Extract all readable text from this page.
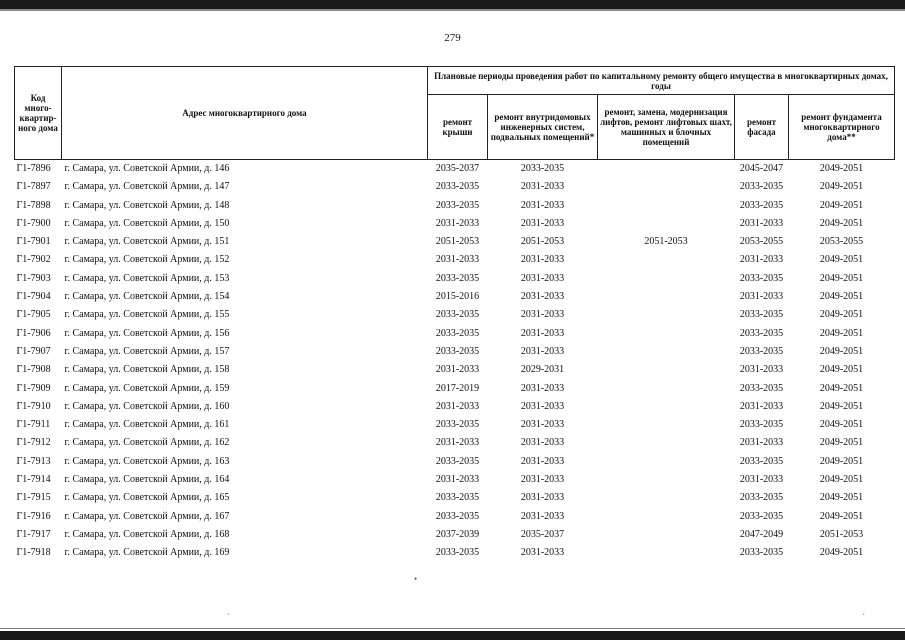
279
Код много-квартир-ного дома	Адрес многоквартирного дома	Плановые периоды проведения работ по капитальному ремонту общего имущества в многоквартирных домах, годы				
		ремонт крыши	ремонт внутридомовых инженерных систем, подвальных помещений*	ремонт, замена, модернизация лифтов, ремонт лифтовых шахт, машинных и блочных помещений	ремонт фасада	ремонт фундамента многоквартирного дома**
Г1-7896	г. Самара, ул. Советской Армии, д. 146	2035-2037	2033-2035		2045-2047	2049-2051
Г1-7897	г. Самара, ул. Советской Армии, д. 147	2033-2035	2031-2033		2033-2035	2049-2051
Г1-7898	г. Самара, ул. Советской Армии, д. 148	2033-2035	2031-2033		2033-2035	2049-2051
Г1-7900	г. Самара, ул. Советской Армии, д. 150	2031-2033	2031-2033		2031-2033	2049-2051
Г1-7901	г. Самара, ул. Советской Армии, д. 151	2051-2053	2051-2053	2051-2053	2053-2055	2053-2055
Г1-7902	г. Самара, ул. Советской Армии, д. 152	2031-2033	2031-2033		2031-2033	2049-2051
Г1-7903	г. Самара, ул. Советской Армии, д. 153	2033-2035	2031-2033		2033-2035	2049-2051
Г1-7904	г. Самара, ул. Советской Армии, д. 154	2015-2016	2031-2033		2031-2033	2049-2051
Г1-7905	г. Самара, ул. Советской Армии, д. 155	2033-2035	2031-2033		2033-2035	2049-2051
Г1-7906	г. Самара, ул. Советской Армии, д. 156	2033-2035	2031-2033		2033-2035	2049-2051
Г1-7907	г. Самара, ул. Советской Армии, д. 157	2033-2035	2031-2033		2033-2035	2049-2051
Г1-7908	г. Самара, ул. Советской Армии, д. 158	2031-2033	2029-2031		2031-2033	2049-2051
Г1-7909	г. Самара, ул. Советской Армии, д. 159	2017-2019	2031-2033		2033-2035	2049-2051
Г1-7910	г. Самара, ул. Советской Армии, д. 160	2031-2033	2031-2033		2031-2033	2049-2051
Г1-7911	г. Самара, ул. Советской Армии, д. 161	2033-2035	2031-2033		2033-2035	2049-2051
Г1-7912	г. Самара, ул. Советской Армии, д. 162	2031-2033	2031-2033		2031-2033	2049-2051
Г1-7913	г. Самара, ул. Советской Армии, д. 163	2033-2035	2031-2033		2033-2035	2049-2051
Г1-7914	г. Самара, ул. Советской Армии, д. 164	2031-2033	2031-2033		2031-2033	2049-2051
Г1-7915	г. Самара, ул. Советской Армии, д. 165	2033-2035	2031-2033		2033-2035	2049-2051
Г1-7916	г. Самара, ул. Советской Армии, д. 167	2033-2035	2031-2033		2033-2035	2049-2051
Г1-7917	г. Самара, ул. Советской Армии, д. 168	2037-2039	2035-2037		2047-2049	2051-2053
Г1-7918	г. Самара, ул. Советской Армии, д. 169	2033-2035	2031-2033		2033-2035	2049-2051
•
ˋ	ˊ
